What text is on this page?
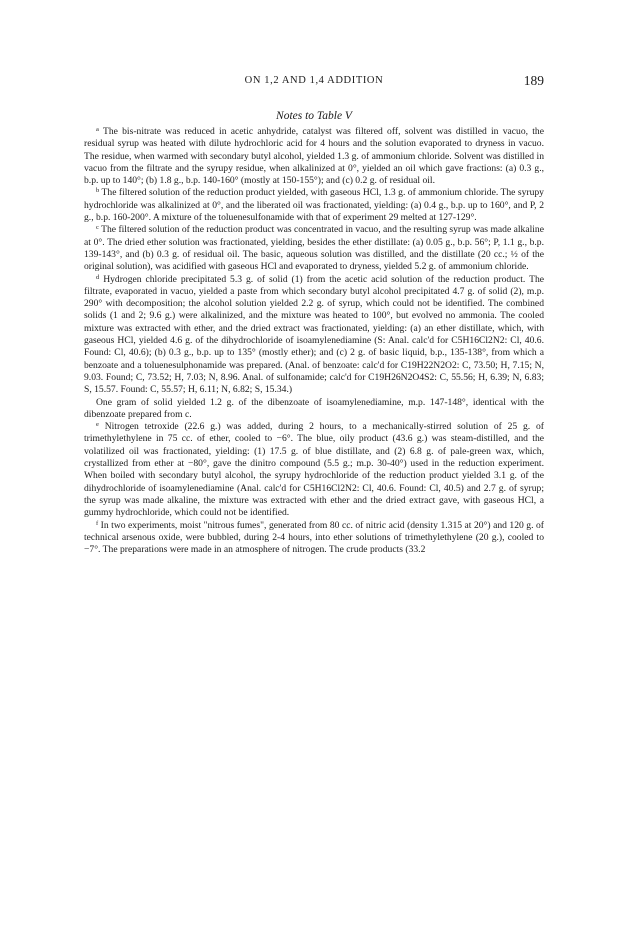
ON 1,2 AND 1,4 ADDITION	189
Notes to Table V

$^a$ The bis-nitrate was reduced in acetic anhydride, catalyst was filtered off, solvent was distilled in vacuo, the residual syrup was heated with dilute hydrochloric acid for 4 hours and the solution evaporated to dryness in vacuo. The residue, when warmed with secondary butyl alcohol, yielded 1.3 g. of ammonium chloride. Solvent was distilled in vacuo from the filtrate and the syrupy residue, when alkalinized at 0°, yielded an oil which gave fractions: (a) 0.3 g., b.p. up to 140°; (b) 1.8 g., b.p. 140-160° (mostly at 150-155°); and (c) 0.2 g. of residual oil.

$^b$ The filtered solution of the reduction product yielded, with gaseous HCl, 1.3 g. of ammonium chloride. The syrupy hydrochloride was alkalinized at 0°, and the liberated oil was fractionated, yielding: (a) 0.4 g., b.p. up to 160°, and P, 2 g., b.p. 160-200°. A mixture of the toluenesulfonamide with that of experiment 29 melted at 127-129°.

$^c$ The filtered solution of the reduction product was concentrated in vacuo, and the resulting syrup was made alkaline at 0°. The dried ether solution was fractionated, yielding, besides the ether distillate: (a) 0.05 g., b.p. 56°; P, 1.1 g., b.p. 139-143°, and (b) 0.3 g. of residual oil. The basic, aqueous solution was distilled, and the distillate (20 cc.; ½ of the original solution), was acidified with gaseous HCl and evaporated to dryness, yielded 5.2 g. of ammonium chloride.

$^d$ Hydrogen chloride precipitated 5.3 g. of solid (1) from the acetic acid solution of the reduction product. The filtrate, evaporated in vacuo, yielded a paste from which secondary butyl alcohol precipitated 4.7 g. of solid (2), m.p. 290° with decomposition; the alcohol solution yielded 2.2 g. of syrup, which could not be identified. The combined solids (1 and 2; 9.6 g.) were alkalinized, and the mixture was heated to 100°, but evolved no ammonia. The cooled mixture was extracted with ether, and the dried extract was fractionated, yielding: (a) an ether distillate, which, with gaseous HCl, yielded 4.6 g. of the dihydrochloride of isoamylenediamine (S: Anal. calc'd for C5H16Cl2N2: Cl, 40.6. Found: Cl, 40.6); (b) 0.3 g., b.p. up to 135° (mostly ether); and (c) 2 g. of basic liquid, b.p., 135-138°, from which a benzoate and a toluenesulphonamide was prepared. (Anal. of benzoate: calc'd for C19H22N2O2: C, 73.50; H, 7.15; N, 9.03. Found; C, 73.52; H, 7.03; N, 8.96. Anal. of sulfonamide; calc'd for C19H26N2O4S2: C, 55.56; H, 6.39; N, 6.83; S, 15.57. Found: C, 55.57; H, 6.11; N, 6.82; S, 15.34.)

One gram of solid yielded 1.2 g. of the dibenzoate of isoamylenediamine, m.p. 147-148°, identical with the dibenzoate prepared from c.

$^e$ Nitrogen tetroxide (22.6 g.) was added, during 2 hours, to a mechanically-stirred solution of 25 g. of trimethylethylene in 75 cc. of ether, cooled to −6°. The blue, oily product (43.6 g.) was steam-distilled, and the volatilized oil was fractionated, yielding: (1) 17.5 g. of blue distillate, and (2) 6.8 g. of pale-green wax, which, crystallized from ether at −80°, gave the dinitro compound (5.5 g.; m.p. 30-40°) used in the reduction experiment. When boiled with secondary butyl alcohol, the syrupy hydrochloride of the reduction product yielded 3.1 g. of the dihydrochloride of isoamylenediamine (Anal. calc'd for C5H16Cl2N2: Cl, 40.6. Found: Cl, 40.5) and 2.7 g. of syrup; the syrup was made alkaline, the mixture was extracted with ether and the dried extract gave, with gaseous HCl, a gummy hydrochloride, which could not be identified.

$^f$ In two experiments, moist "nitrous fumes", generated from 80 cc. of nitric acid (density 1.315 at 20°) and 120 g. of technical arsenous oxide, were bubbled, during 2-4 hours, into ether solutions of trimethylethylene (20 g.), cooled to −7°. The preparations were made in an atmosphere of nitrogen. The crude products (33.2
